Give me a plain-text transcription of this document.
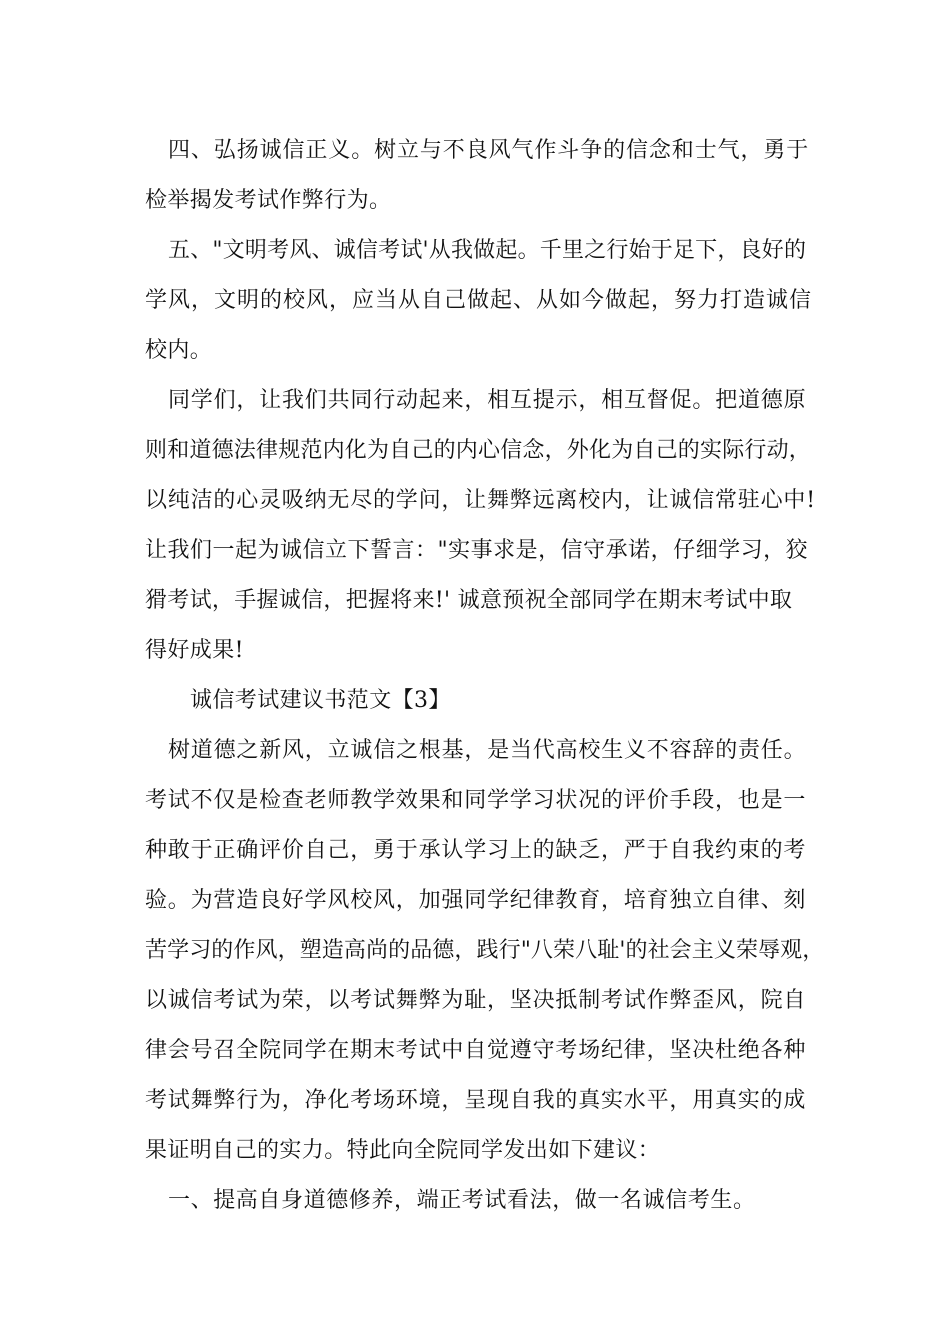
四、弘扬诚信正义。树立与不良风气作斗争的信念和士气，勇于
检举揭发考试作弊行为。
五、"文明考风、诚信考试'从我做起。千里之行始于足下，良好的
学风，文明的校风，应当从自己做起、从如今做起，努力打造诚信
校内。
同学们，让我们共同行动起来，相互提示，相互督促。把道德原
则和道德法律规范内化为自己的内心信念，外化为自己的实际行动，
以纯洁的心灵吸纳无尽的学问，让舞弊远离校内，让诚信常驻心中!
让我们一起为诚信立下誓言："实事求是，信守承诺，仔细学习，狡
猾考试，手握诚信，把握将来!' 诚意预祝全部同学在期末考试中取
得好成果!
诚信考试建议书范文【3】
树道德之新风，立诚信之根基，是当代高校生义不容辞的责任。
考试不仅是检查老师教学效果和同学学习状况的评价手段，也是一
种敢于正确评价自己，勇于承认学习上的缺乏，严于自我约束的考
验。为营造良好学风校风，加强同学纪律教育，培育独立自律、刻
苦学习的作风，塑造高尚的品德，践行"八荣八耻'的社会主义荣辱观，
以诚信考试为荣，以考试舞弊为耻，坚决抵制考试作弊歪风，院自
律会号召全院同学在期末考试中自觉遵守考场纪律，坚决杜绝各种
考试舞弊行为，净化考场环境，呈现自我的真实水平，用真实的成
果证明自己的实力。特此向全院同学发出如下建议：
一、提高自身道德修养，端正考试看法，做一名诚信考生。
